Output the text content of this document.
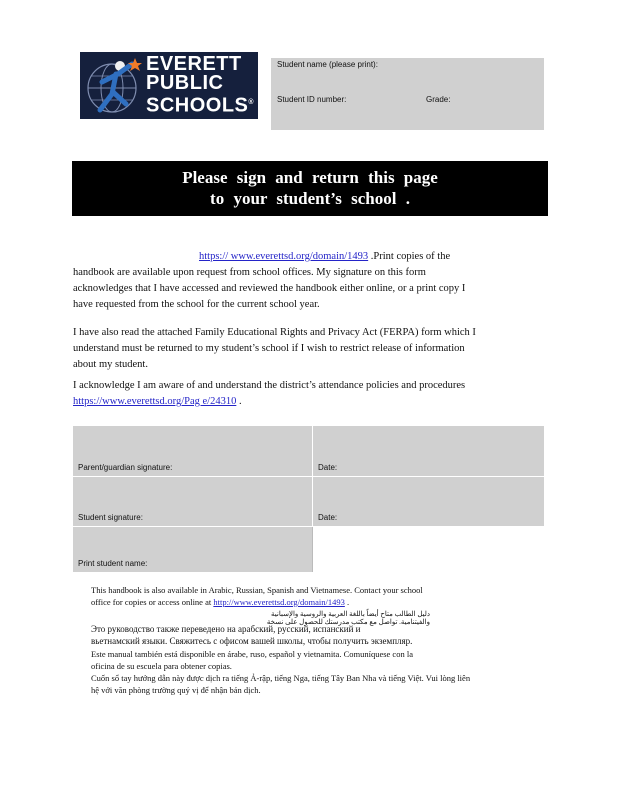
EVERETT
PUBLIC
SCHOOLS®
Student name (please print):
Student ID number:	Grade:
Please sign and return this page
to your student’s school .
https:// www.everettsd.org/domain/1493 .Print copies of the
handbook are available upon request from school offices. My signature on this form
acknowledges that I have accessed and reviewed the handbook either online, or a print copy I
have requested from the school for the current school year.
I have also read the attached Family Educational Rights and Privacy Act (FERPA) form which I
understand must be returned to my student’s school if I wish to restrict release of information
about my student.
I acknowledge I am aware of and understand the district’s attendance policies and procedures
https://www.everettsd.org/Pag e/24310 .
Parent/guardian signature:	Date:
Student signature:	Date:
Print student name:
This handbook is also available in Arabic, Russian, Spanish and Vietnamese. Contact your school
office for copies or access online at http://www.everettsd.org/domain/1493 .
دليل الطالب متاح أيضاً باللغة العربية والروسية والإسبانية والفيتنامية. تواصل مع مكتب مدرستك للحصول على نسخة
Это руководство также переведено на арабский, русский, испанский и
вьетнамский языки. Свяжитесь с офисом вашей школы, чтобы получить экземпляр.
Este manual también está disponible en árabe, ruso, español y vietnamita. Comuníquese con la
oficina de su escuela para obtener copias.
Cuốn sổ tay hướng dẫn này được dịch ra tiếng Ả-rập, tiếng Nga, tiếng Tây Ban Nha và tiếng Việt. Vui lòng liên
hệ với văn phòng trường quý vị để nhận bản dịch.
